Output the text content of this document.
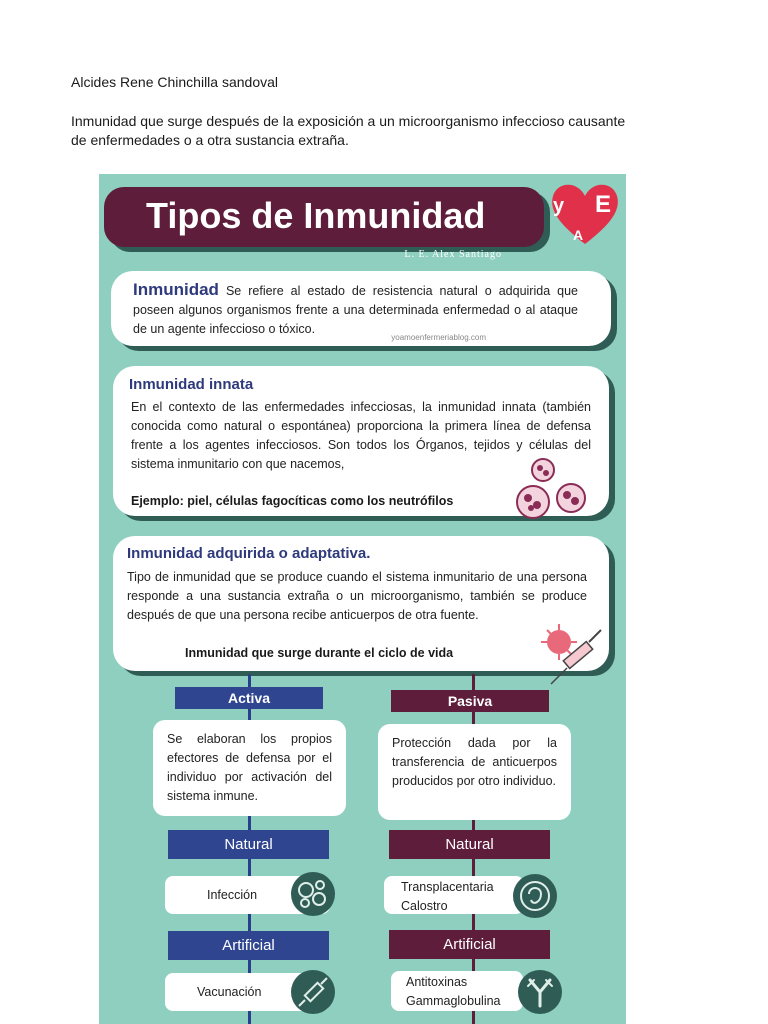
Alcides Rene Chinchilla sandoval
Inmunidad que surge después de la exposición a un microorganismo infeccioso causante de enfermedades o a otra sustancia extraña.
Tipos de Inmunidad
L. E. Alex Santiago
y
A
E

Inmunidad Se refiere al estado de resistencia natural o adquirida que poseen algunos organismos frente a una determinada enfermedad o al ataque de un agente infeccioso o tóxico.

yoamoenfermeriablog.com

Inmunidad innata

En el contexto de las enfermedades infecciosas, la inmunidad innata (también conocida como natural o espontánea) proporciona la primera línea de defensa frente a los agentes infecciosos. Son todos los Órganos, tejidos y células del sistema inmunitario con que nacemos,

Ejemplo: piel, células fagocíticas como los neutrófilos

Inmunidad adquirida o adaptativa.

Tipo de inmunidad que se produce cuando el sistema inmunitario de una persona responde a una sustancia extraña o un microorganismo, también se produce después de que una persona recibe anticuerpos de otra fuente.

Inmunidad que surge durante el ciclo de vida

Activa	Pasiva
Se elaboran los propios efectores de defensa por el individuo por activación del sistema inmune.
Protección dada por la transferencia de anticuerpos producidos por otro individuo.
Natural	Natural
Infección
Transplacentaria
Calostro
Artificial	Artificial
Vacunación
Antitoxinas
Gammaglobulina
